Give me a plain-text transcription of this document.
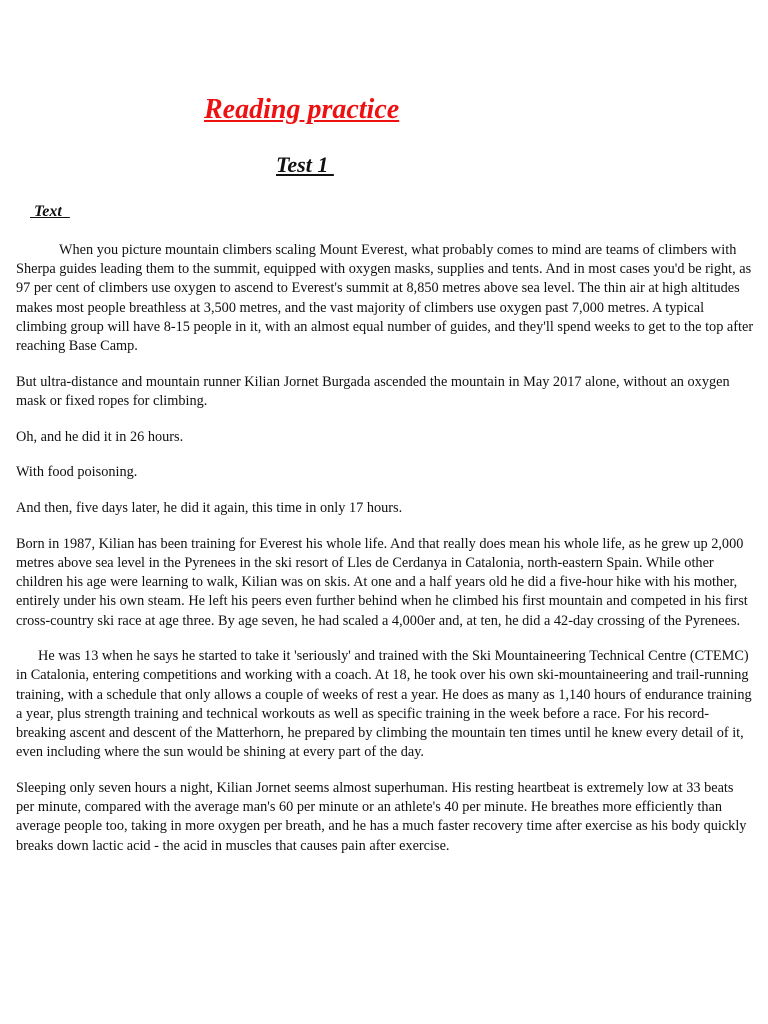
Reading practice
Test 1
Text

When you picture mountain climbers scaling Mount Everest, what probably comes to mind are teams of climbers with Sherpa guides leading them to the summit, equipped with oxygen masks, supplies and tents. And in most cases you'd be right, as 97 per cent of climbers use oxygen to ascend to Everest's summit at 8,850 metres above sea level. The thin air at high altitudes makes most people breathless at 3,500 metres, and the vast majority of climbers use oxygen past 7,000 metres. A typical climbing group will have 8-15 people in it, with an almost equal number of guides, and they'll spend weeks to get to the top after reaching Base Camp.

But ultra-distance and mountain runner Kilian Jornet Burgada ascended the mountain in May 2017 alone, without an oxygen mask or fixed ropes for climbing.

Oh, and he did it in 26 hours.

With food poisoning.

And then, five days later, he did it again, this time in only 17 hours.

Born in 1987, Kilian has been training for Everest his whole life. And that really does mean his whole life, as he grew up 2,000 metres above sea level in the Pyrenees in the ski resort of Lles de Cerdanya in Catalonia, north-eastern Spain. While other children his age were learning to walk, Kilian was on skis. At one and a half years old he did a five-hour hike with his mother, entirely under his own steam. He left his peers even further behind when he climbed his first mountain and competed in his first cross-country ski race at age three. By age seven, he had scaled a 4,000er and, at ten, he did a 42-day crossing of the Pyrenees.

He was 13 when he says he started to take it 'seriously' and trained with the Ski Mountaineering Technical Centre (CTEMC) in Catalonia, entering competitions and working with a coach. At 18, he took over his own ski-mountaineering and trail-running training, with a schedule that only allows a couple of weeks of rest a year. He does as many as 1,140 hours of endurance training a year, plus strength training and technical workouts as well as specific training in the week before a race. For his record-breaking ascent and descent of the Matterhorn, he prepared by climbing the mountain ten times until he knew every detail of it, even including where the sun would be shining at every part of the day.

Sleeping only seven hours a night, Kilian Jornet seems almost superhuman. His resting heartbeat is extremely low at 33 beats per minute, compared with the average man's 60 per minute or an athlete's 40 per minute. He breathes more efficiently than average people too, taking in more oxygen per breath, and he has a much faster recovery time after exercise as his body quickly breaks down lactic acid - the acid in muscles that causes pain after exercise.
